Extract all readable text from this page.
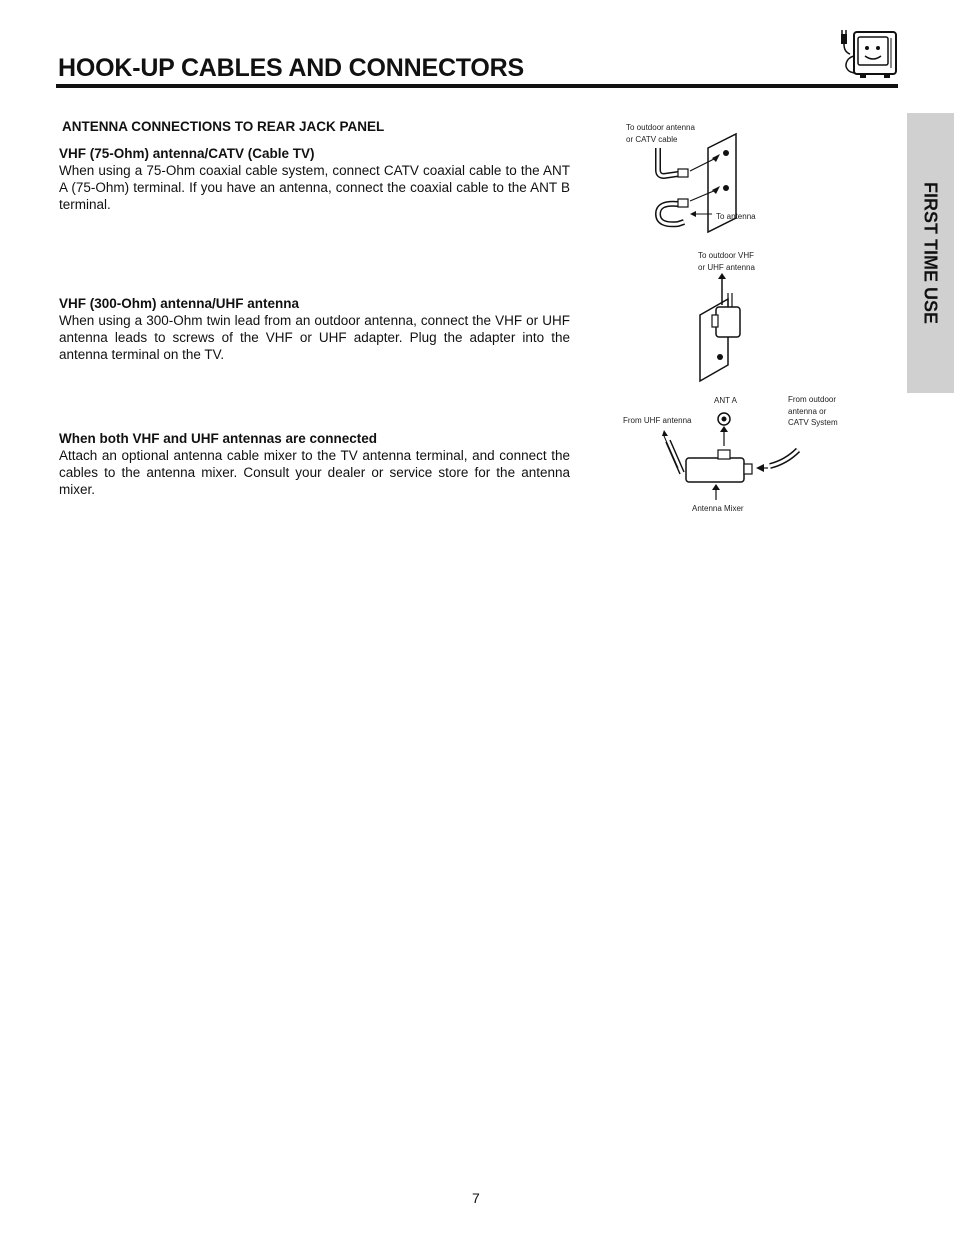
HOOK-UP CABLES AND CONNECTORS
FIRST TIME USE
ANTENNA CONNECTIONS TO REAR JACK PANEL
VHF (75-Ohm) antenna/CATV (Cable TV)

When using a 75-Ohm coaxial cable system, connect CATV coaxial cable to the ANT A (75-Ohm) terminal. If you have an antenna, connect the coaxial cable to the ANT B terminal.

VHF (300-Ohm) antenna/UHF antenna

When using a 300-Ohm twin lead from an outdoor antenna, connect the VHF or UHF antenna leads to screws of the VHF or UHF adapter. Plug the adapter into the antenna terminal on the TV.

When both VHF and UHF antennas are connected

Attach an optional antenna cable mixer to the TV antenna terminal, and connect the cables to the antenna mixer. Consult your dealer or service store for the antenna mixer.

To outdoor antenna
or CATV cable
To antenna
To outdoor VHF
or UHF antenna
ANT A
From UHF antenna
From outdoor
antenna or
CATV System
Antenna Mixer
7
